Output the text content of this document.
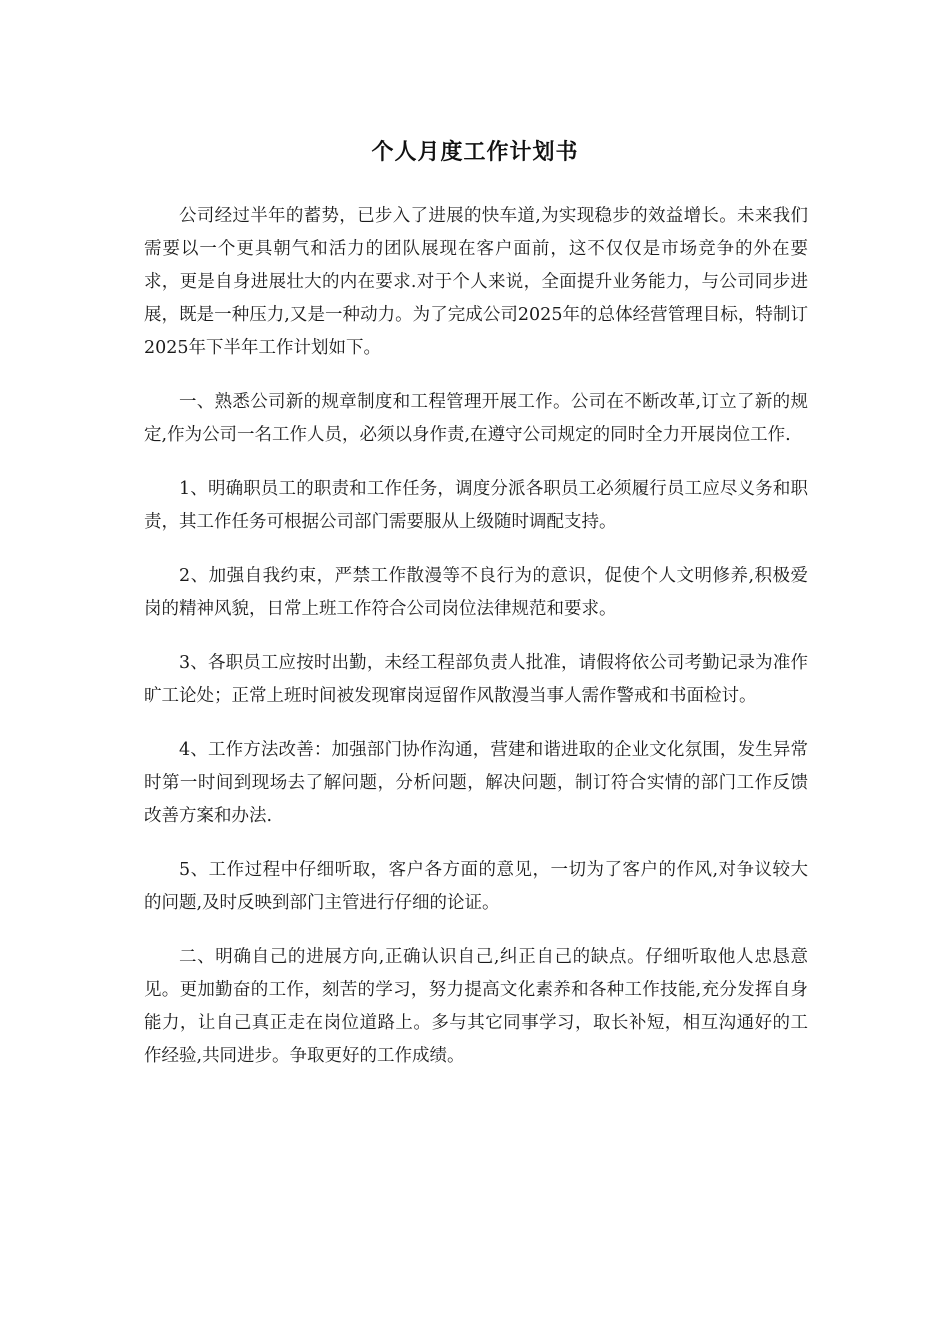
个人月度工作计划书

公司经过半年的蓄势，已步入了进展的快车道,为实现稳步的效益增长。未来我们需要以一个更具朝气和活力的团队展现在客户面前，这不仅仅是市场竞争的外在要求，更是自身进展壮大的内在要求.对于个人来说，全面提升业务能力，与公司同步进展，既是一种压力,又是一种动力。为了完成公司2025年的总体经营管理目标，特制订2025年下半年工作计划如下。

一、熟悉公司新的规章制度和工程管理开展工作。公司在不断改革,订立了新的规定,作为公司一名工作人员，必须以身作责,在遵守公司规定的同时全力开展岗位工作.

1、明确职员工的职责和工作任务，调度分派各职员工必须履行员工应尽义务和职责，其工作任务可根据公司部门需要服从上级随时调配支持。

2、加强自我约束，严禁工作散漫等不良行为的意识，促使个人文明修养,积极爱岗的精神风貌，日常上班工作符合公司岗位法律规范和要求。

3、各职员工应按时出勤，未经工程部负责人批准，请假将依公司考勤记录为准作旷工论处；正常上班时间被发现窜岗逗留作风散漫当事人需作警戒和书面检讨。

4、工作方法改善：加强部门协作沟通，营建和谐进取的企业文化氛围，发生异常时第一时间到现场去了解问题，分析问题，解决问题，制订符合实情的部门工作反馈改善方案和办法.

5、工作过程中仔细听取，客户各方面的意见，一切为了客户的作风,对争议较大的问题,及时反映到部门主管进行仔细的论证。

二、明确自己的进展方向,正确认识自己,纠正自己的缺点。仔细听取他人忠恳意见。更加勤奋的工作，刻苦的学习，努力提高文化素养和各种工作技能,充分发挥自身能力，让自己真正走在岗位道路上。多与其它同事学习，取长补短，相互沟通好的工作经验,共同进步。争取更好的工作成绩。
